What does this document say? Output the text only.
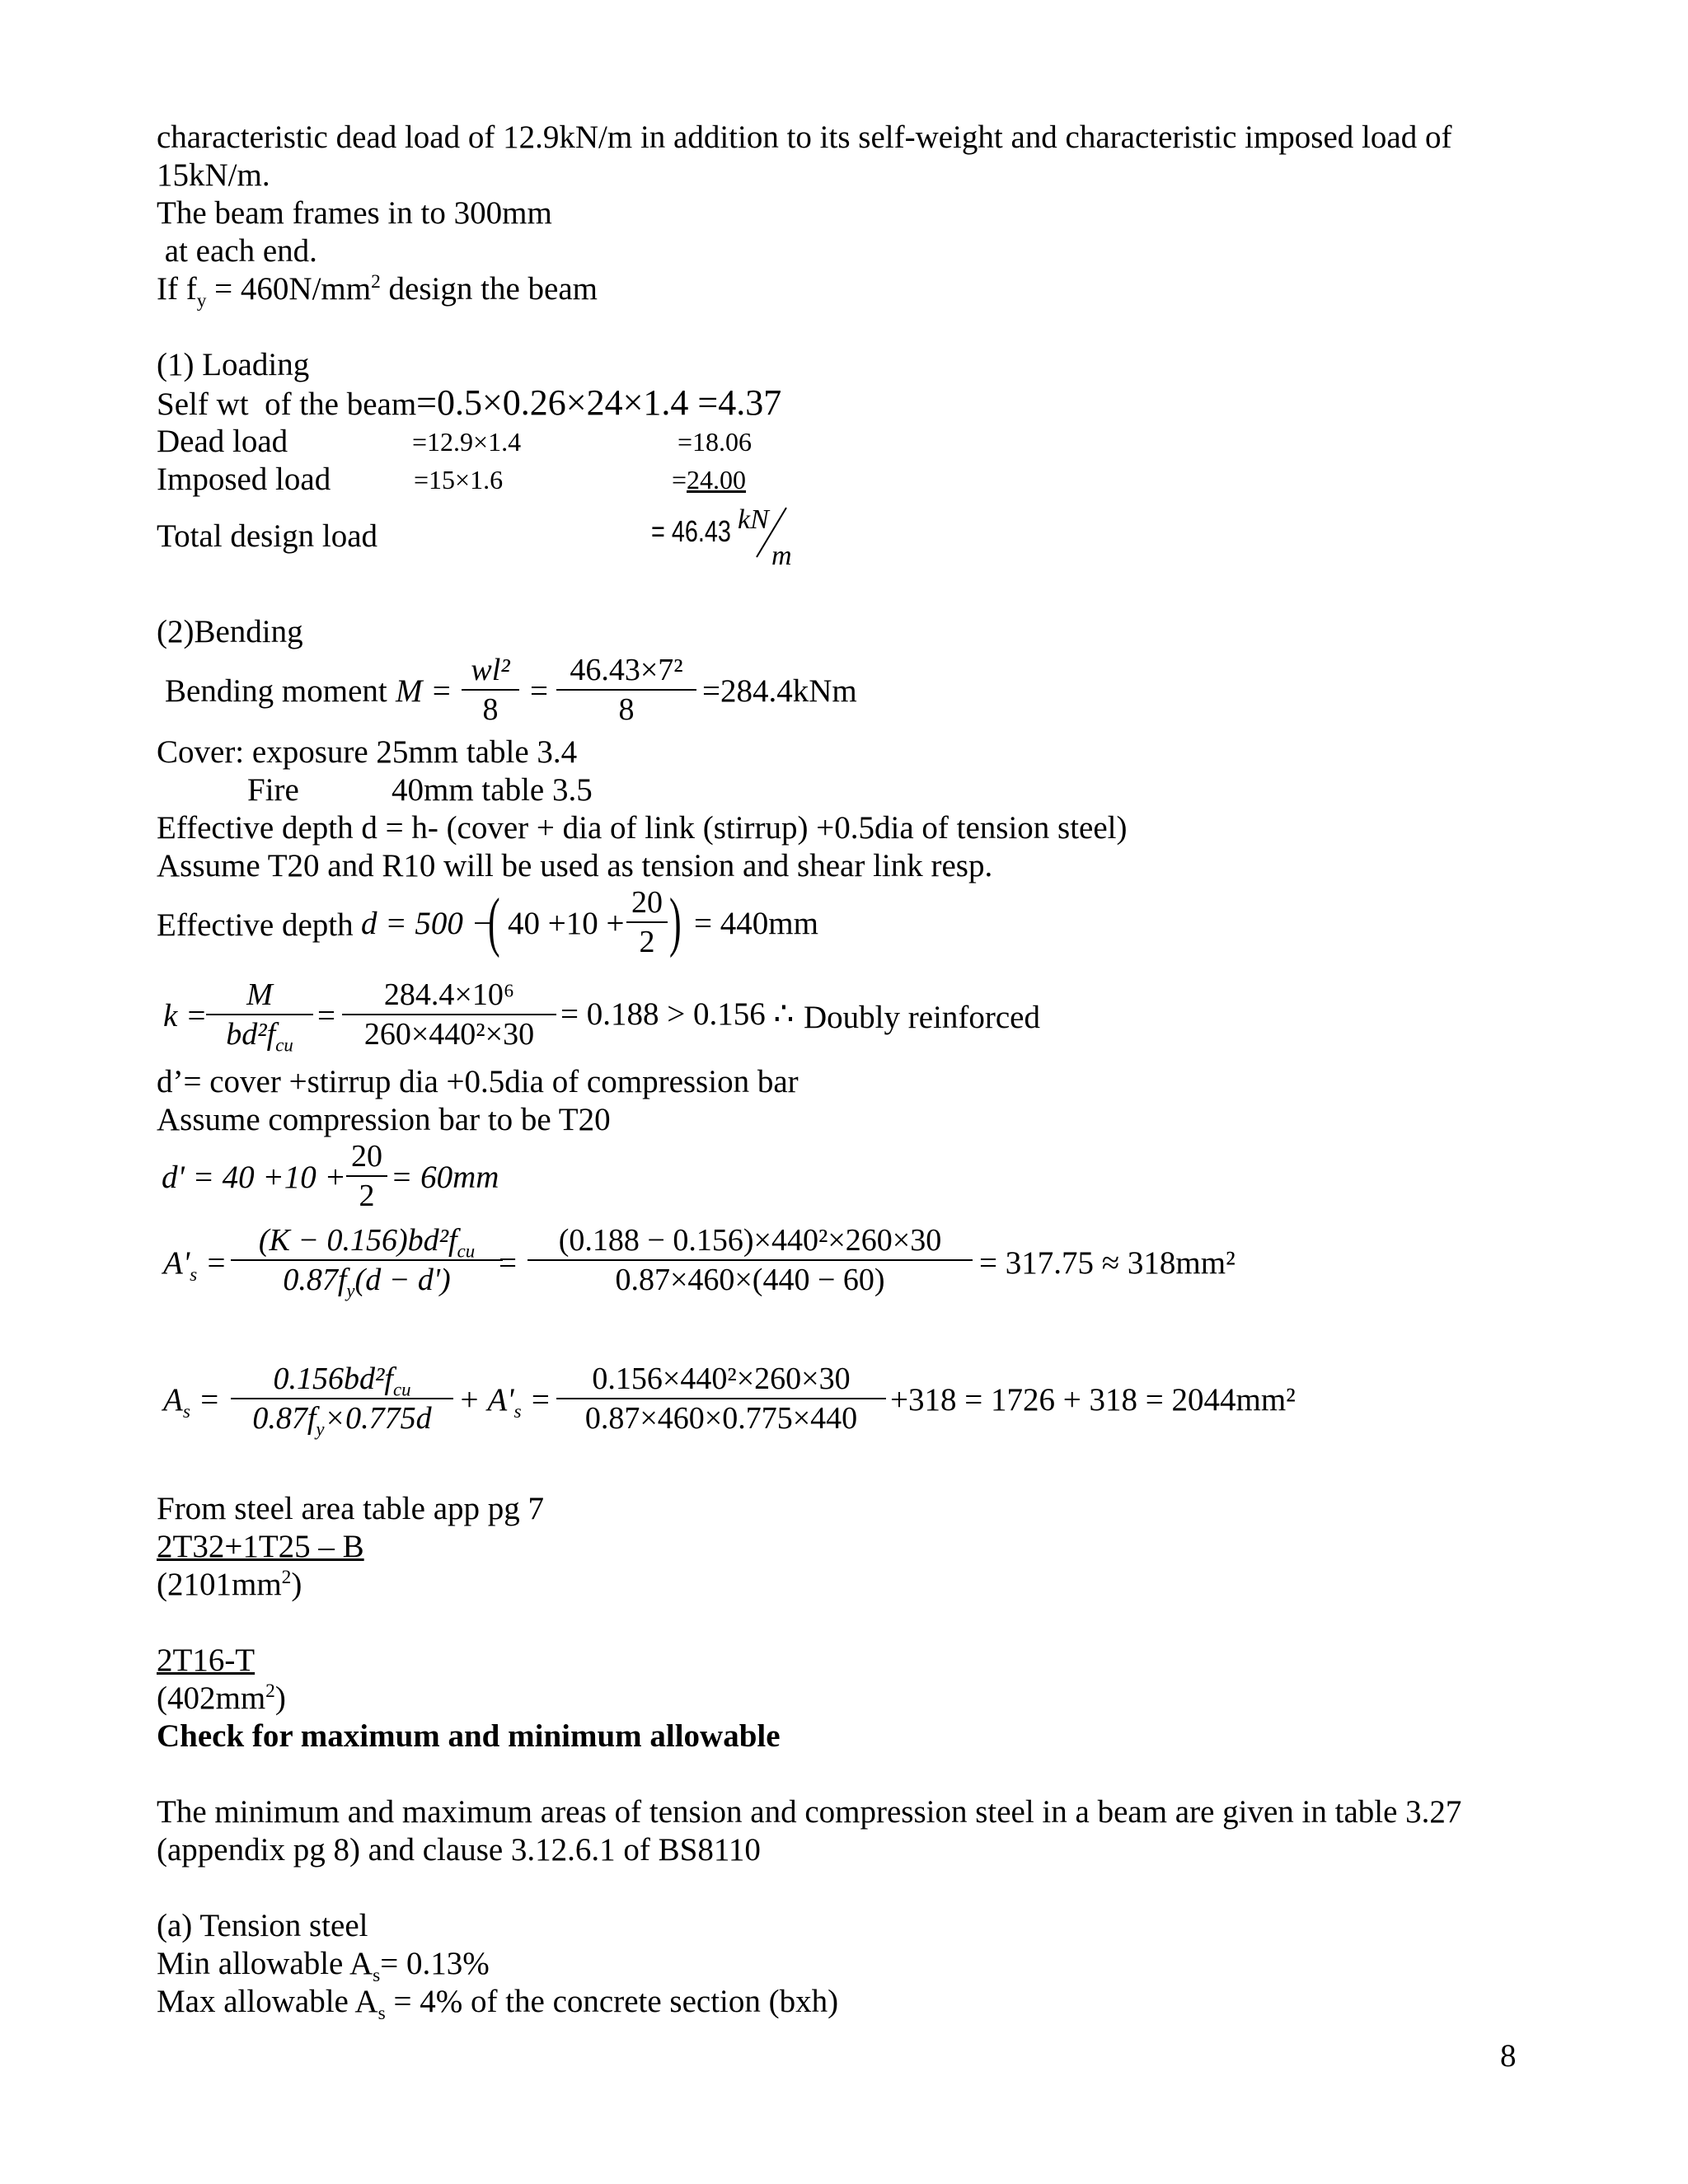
characteristic dead load of 12.9kN/m in addition to its self-weight and characteristic imposed load of
15kN/m.
The beam frames in to 300mm
at each end.
If $f_y = 460N/mm^2$ design the beam
(1) Loading
Self wt  of the beam=0.5×0.26×24×1.4 =4.37
Dead load	=12.9×1.4	=18.06
Imposed load	=15×1.6	=24.00
Total design load	= 46.43 kN
m
(2)Bending
Bending moment M =
wl²
8
=
46.43×7²
8
=284.4kNm
Cover: exposure 25mm table 3.4
Fire	40mm table 3.5
Effective depth d = h- (cover + dia of link (stirrup) +0.5dia of tension steel)
Assume T20 and R10 will be used as tension and shear link resp.
Effective depth d = 500 −
( 40 +10 +
20
2 ) = 440mm
k =
M
$bd^2f_{cu}$
=
284.4×10⁶
260×440²×30
= 0.188 > 0.156 ∴ Doubly reinforced
d’= cover +stirrup dia +0.5dia of compression bar
Assume compression bar to be T20
d' = 40 +10 +
20
2
= 60mm
$A'_s$ =
$(K - 0.156)bd^2f_{cu}$
$0.87f_y(d - d')$	=
(0.188 − 0.156)×440²×260×30
0.87×460×(440 − 60)	= 317.75 ≈ 318mm²
$A_s$ =
$0.156bd^2f_{cu}$
$0.87f_y\times 0.775d$
+ $A'_s$ =
0.156×440²×260×30
0.87×460×0.775×440
+318 = 1726 + 318 = 2044mm²
From steel area table app pg 7
2T32+1T25 – B
$(2101mm^2)$
2T16-T
$(402mm^2)$
Check for maximum and minimum allowable
The minimum and maximum areas of tension and compression steel in a beam are given in table 3.27
(appendix pg 8) and clause 3.12.6.1 of BS8110
(a) Tension steel
Min allowable $A_s= 0.13\%$
Max allowable $A_s = 4\%$ of the concrete section (bxh)
8
